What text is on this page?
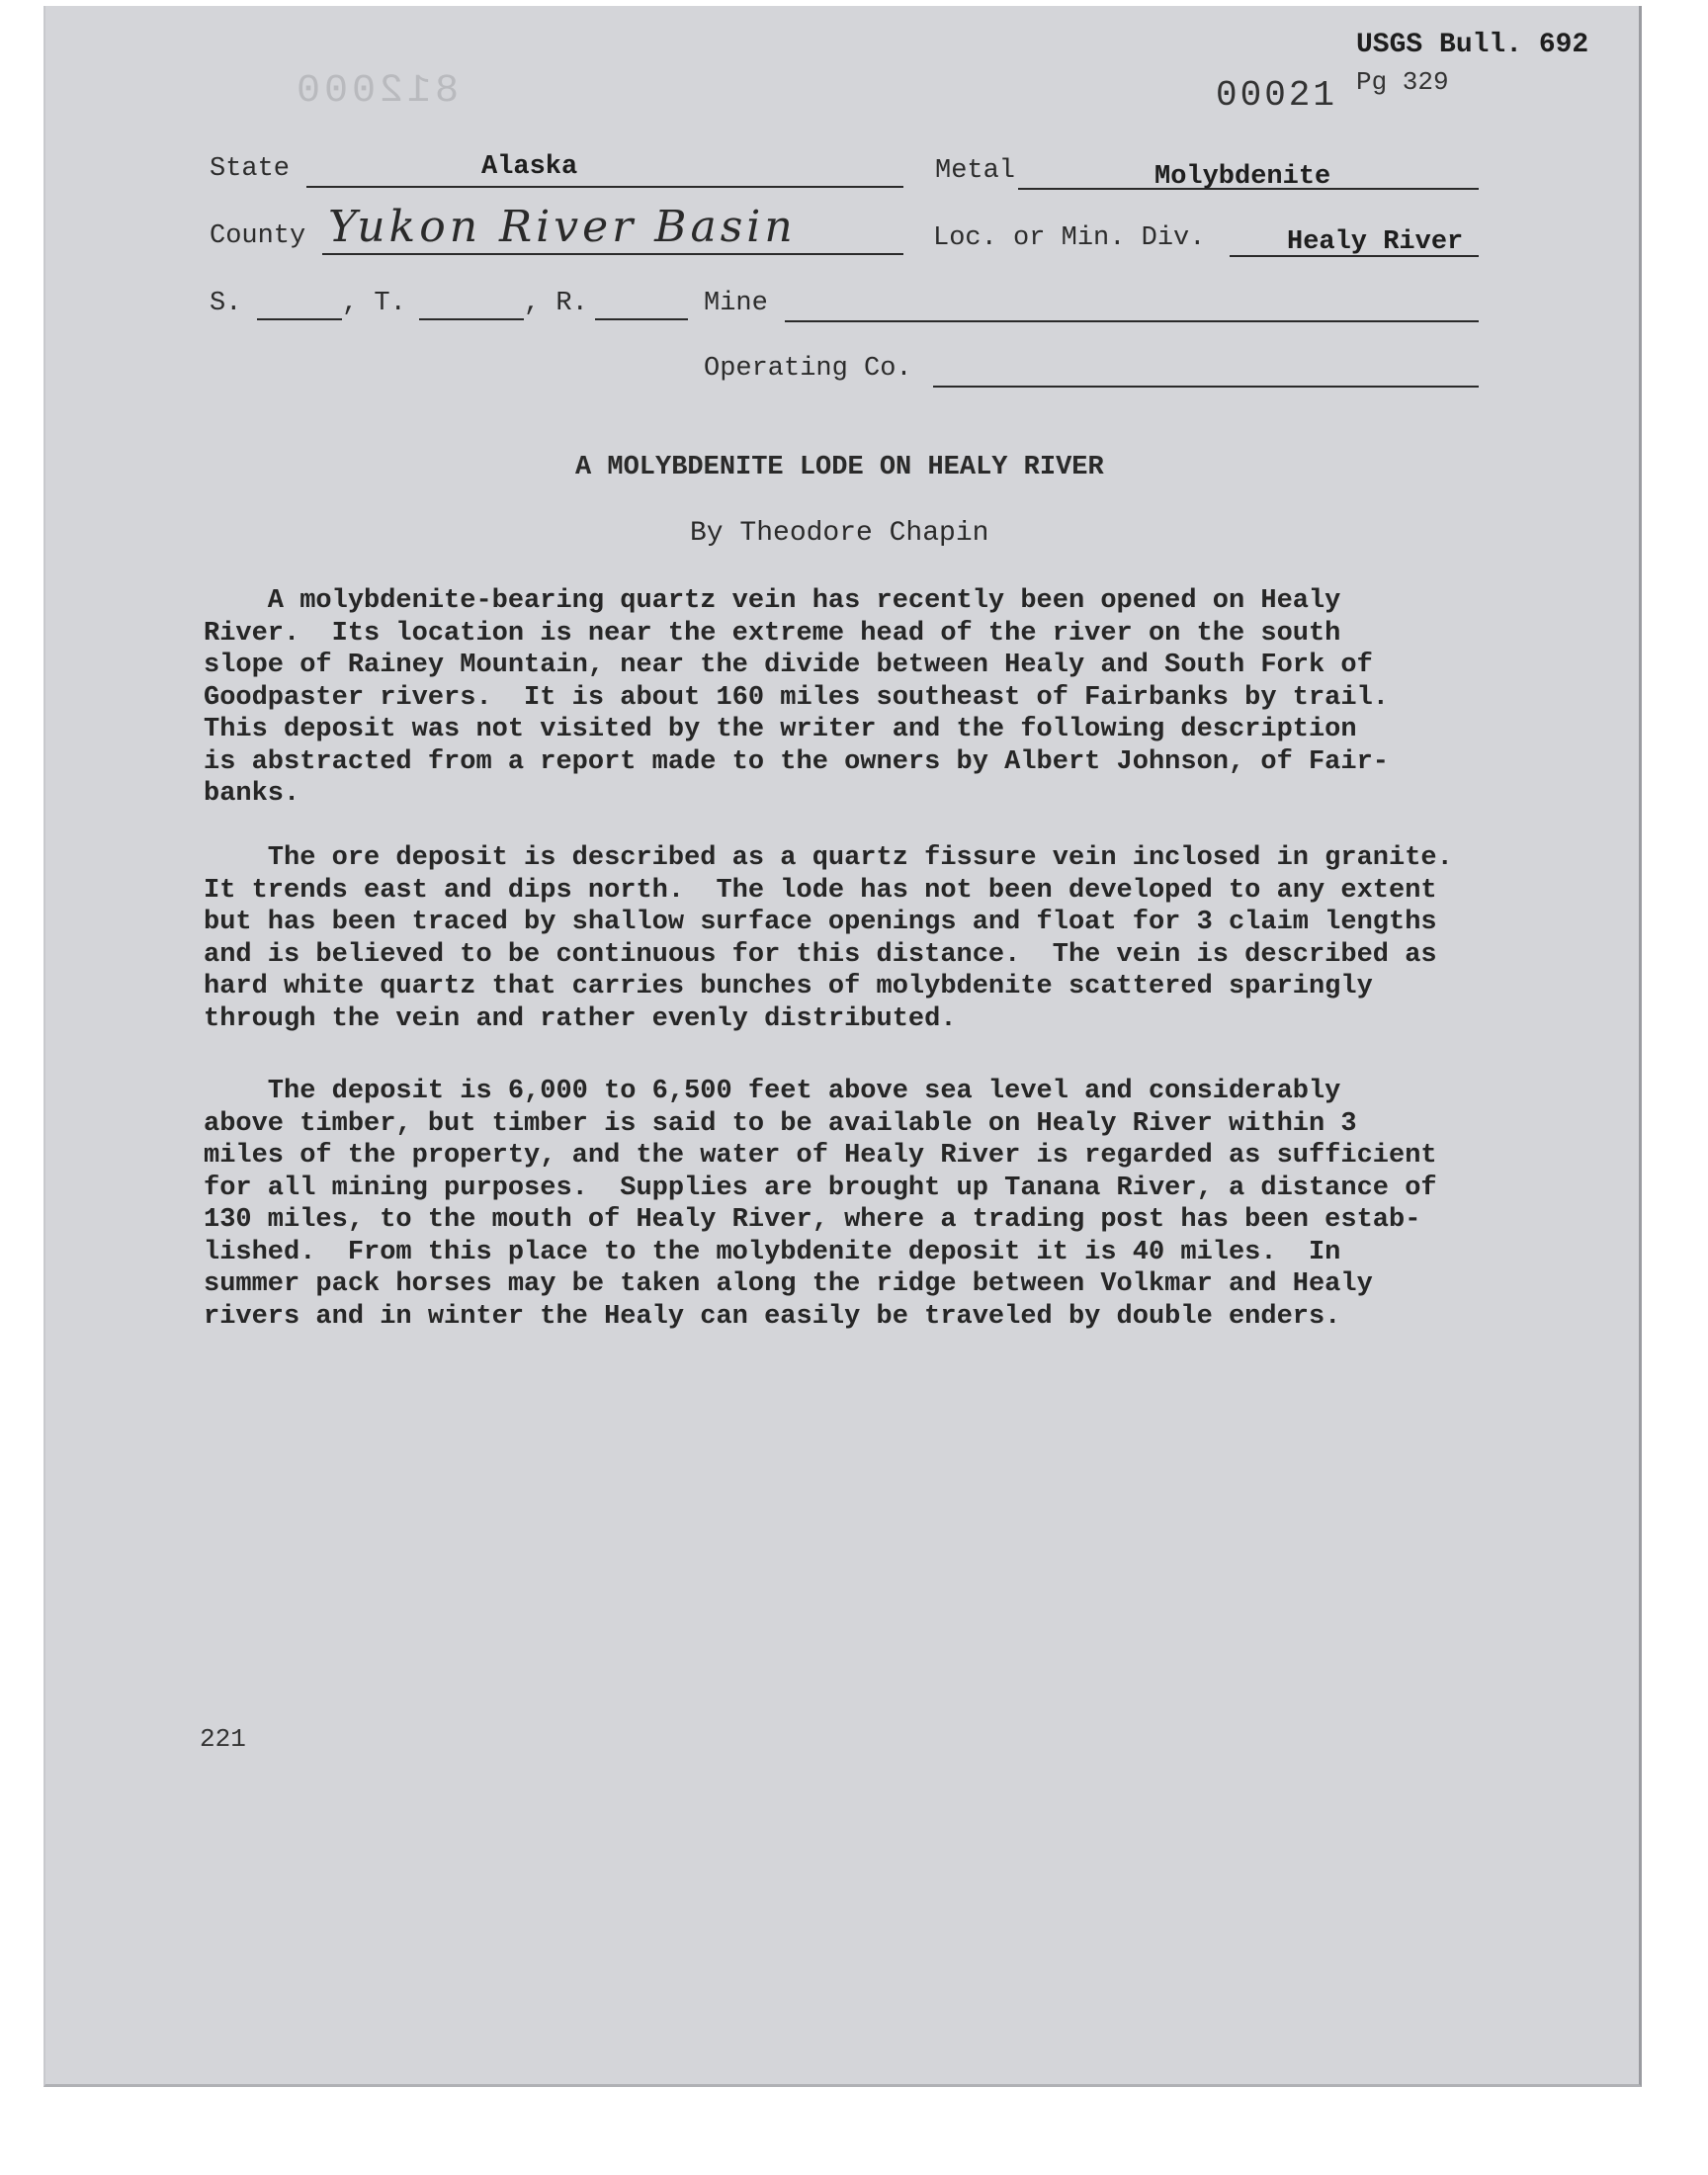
812000
USGS Bull. 692
00021 Pg 329
State	Alaska	Metal	Molybdenite
County Yukon River Basin	Loc. or Min. Div.	Healy River
S.	, T.	, R.	Mine
Operating Co.
A MOLYBDENITE LODE ON HEALY RIVER
By Theodore Chapin

A molybdenite-bearing quartz vein has recently been opened on Healy
River.  Its location is near the extreme head of the river on the south
slope of Rainey Mountain, near the divide between Healy and South Fork of
Goodpaster rivers.  It is about 160 miles southeast of Fairbanks by trail.
This deposit was not visited by the writer and the following description
is abstracted from a report made to the owners by Albert Johnson, of Fair-
banks.

The ore deposit is described as a quartz fissure vein inclosed in granite.
It trends east and dips north.  The lode has not been developed to any extent
but has been traced by shallow surface openings and float for 3 claim lengths
and is believed to be continuous for this distance.  The vein is described as
hard white quartz that carries bunches of molybdenite scattered sparingly
through the vein and rather evenly distributed.

The deposit is 6,000 to 6,500 feet above sea level and considerably
above timber, but timber is said to be available on Healy River within 3
miles of the property, and the water of Healy River is regarded as sufficient
for all mining purposes.  Supplies are brought up Tanana River, a distance of
130 miles, to the mouth of Healy River, where a trading post has been estab-
lished.  From this place to the molybdenite deposit it is 40 miles.  In
summer pack horses may be taken along the ridge between Volkmar and Healy
rivers and in winter the Healy can easily be traveled by double enders.

221
